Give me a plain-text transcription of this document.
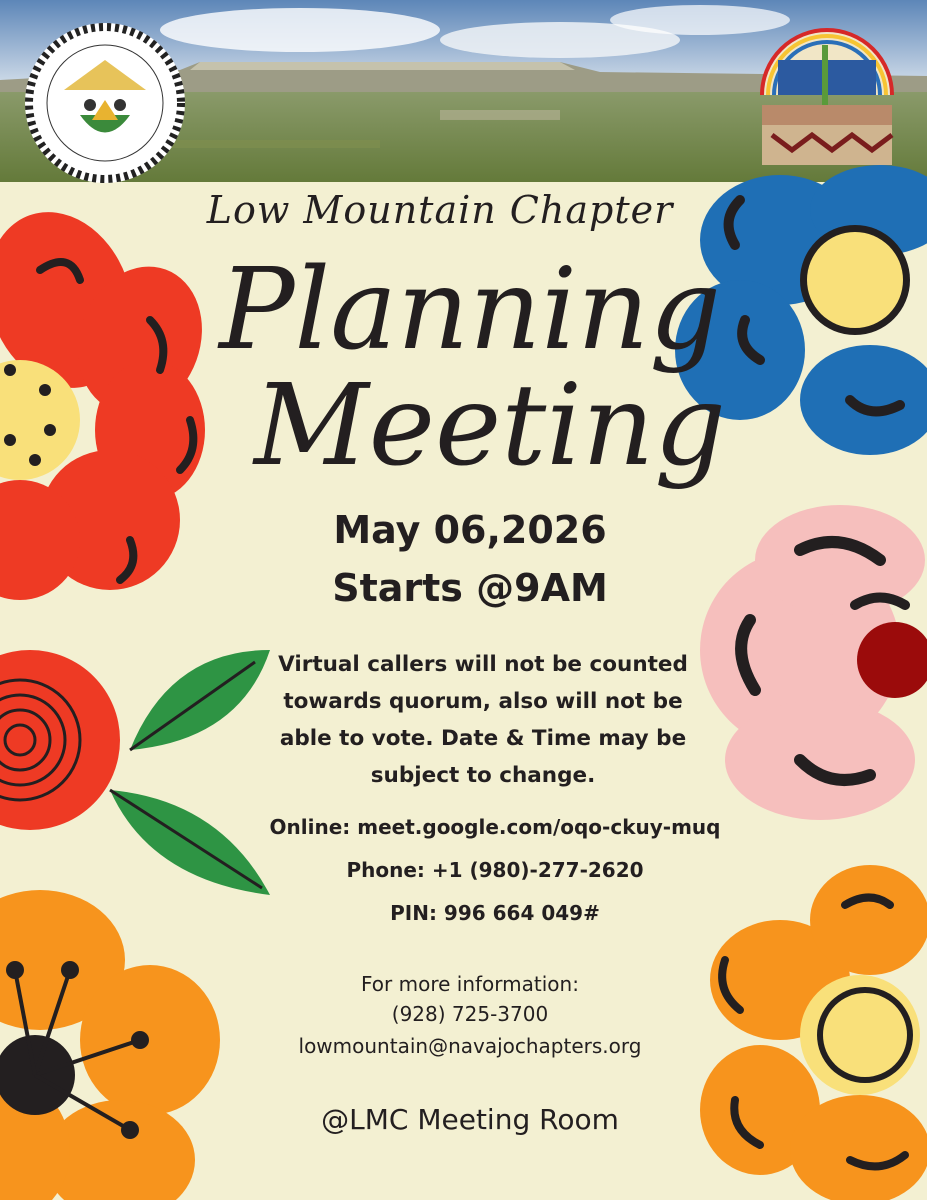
Low Mountain Chapter

Planning

Meeting

May 06,2026

Starts @9AM

Virtual callers will not be counted towards quorum, also will not be able to vote. Date & Time may be subject to change.

Online: meet.google.com/oqo-ckuy-muq

Phone: +1 (980)-277-2620

PIN: 996 664 049#

For more information:

(928) 725-3700

lowmountain@navajochapters.org

@LMC Meeting Room
